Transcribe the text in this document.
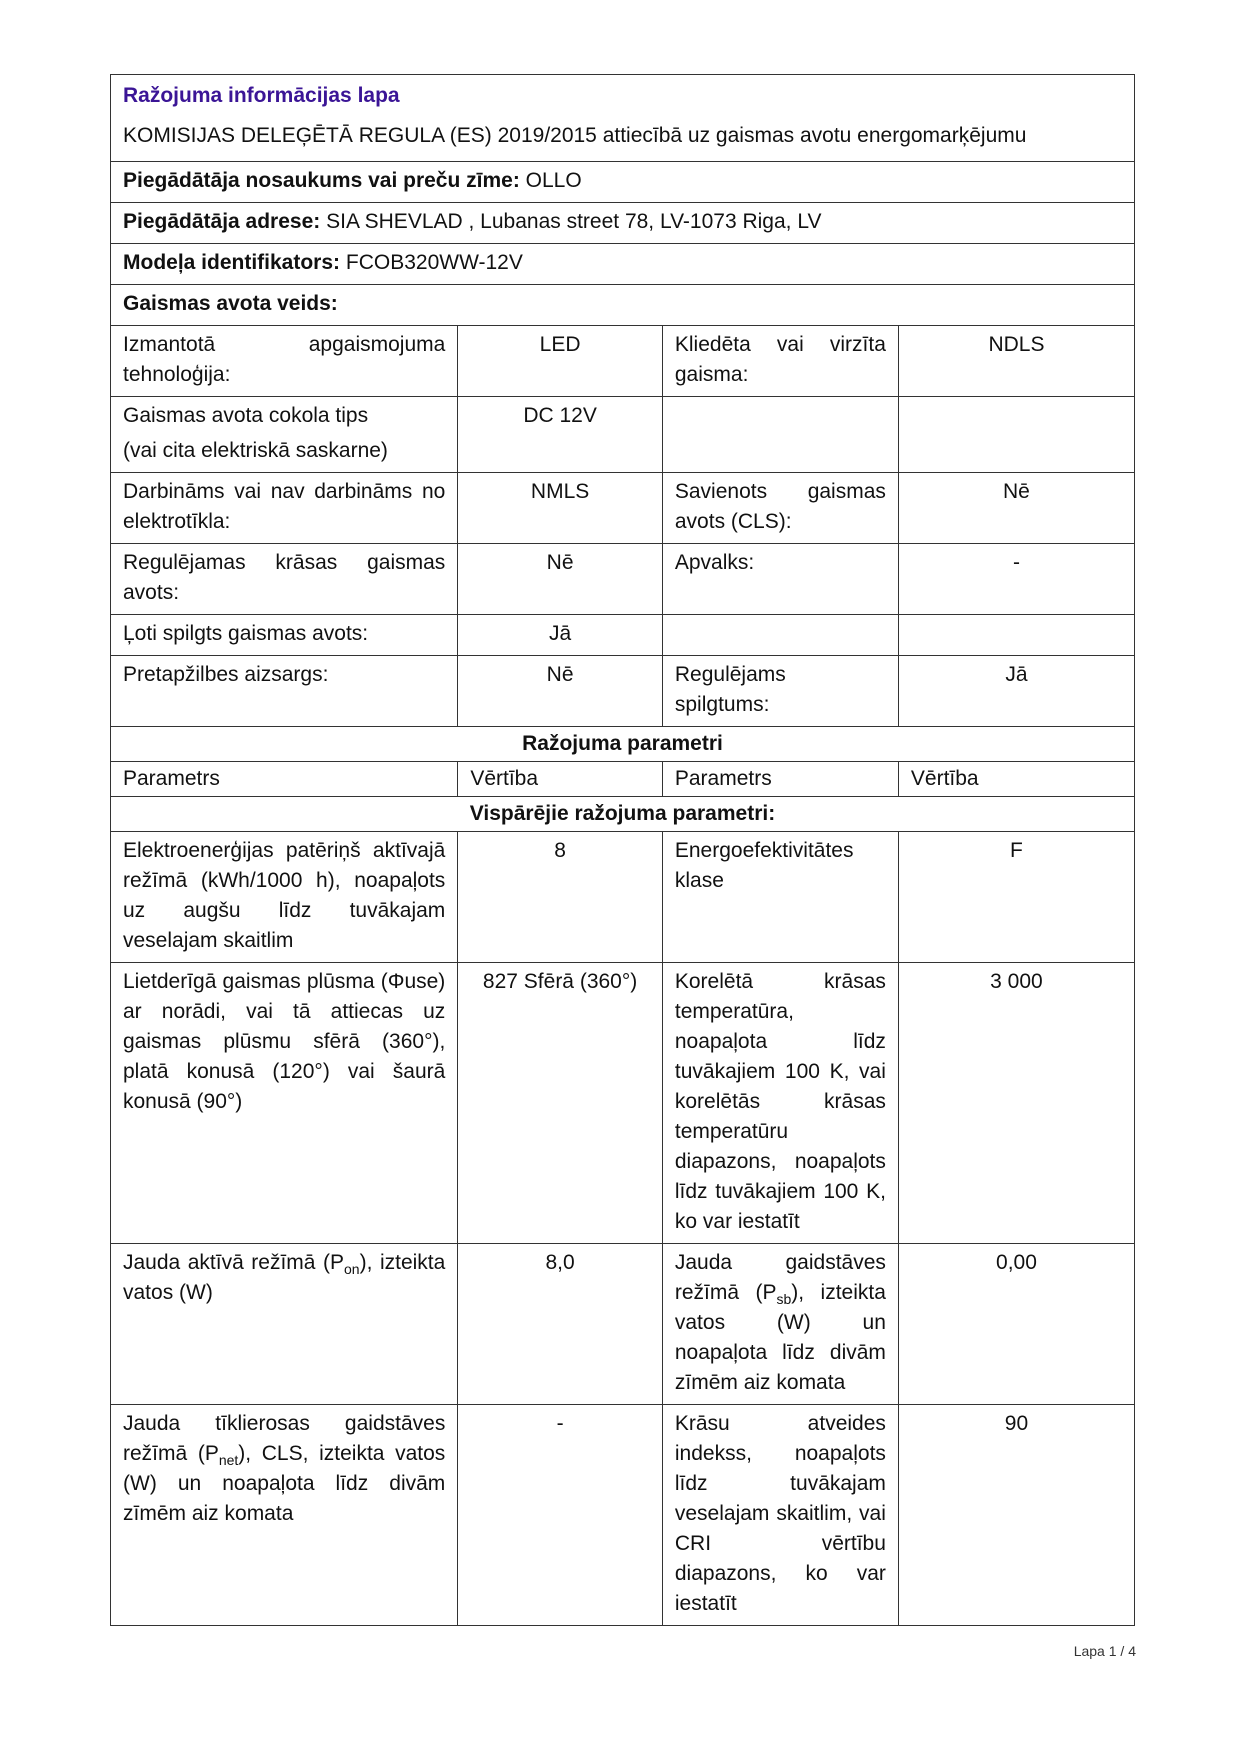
Ražojuma informācijas lapa			
KOMISIJAS DELEĢĒTĀ REGULA (ES) 2019/2015 attiecībā uz gaismas avotu energomarķējumu			
Piegādātāja nosaukums vai preču zīme: OLLO			
Piegādātāja adrese: SIA SHEVLAD , Lubanas street 78, LV-1073 Riga, LV			
Modeļa identifikators: FCOB320WW-12V			
Gaismas avota veids:			
Izmantotā apgaismojuma tehnoloģija:	LED	Kliedēta vai virzīta gaisma:	NDLS

Gaismas avota cokola tips
(vai cita elektriskā saskarne)	DC 12V		
Darbināms vai nav darbināms no elektrotīkla:	NMLS	Savienots gaismas avots (CLS):	Nē
Regulējamas krāsas gaismas avots:	Nē	Apvalks:	-
Ļoti spilgts gaismas avots:	Jā		
Pretapžilbes aizsargs:	Nē	Regulējams spilgtums:	Jā
Ražojuma parametri			
Parametrs	Vērtība	Parametrs	Vērtība
Vispārējie ražojuma parametri:			
Elektroenerģijas patēriņš aktīvajā režīmā (kWh/1000 h), noapaļots uz augšu līdz tuvākajam veselajam skaitlim	8	Energoefektivitātes klase	F
Lietderīgā gaismas plūsma (Φuse) ar norādi, vai tā attiecas uz gaismas plūsmu sfērā (360°), platā konusā (120°) vai šaurā konusā (90°)	827 Sfērā (360°)	Korelētā krāsas temperatūra, noapaļota līdz tuvākajiem 100 K, vai korelētās krāsas temperatūru diapazons, noapaļots līdz tuvākajiem 100 K, ko var iestatīt	3 000
Jauda aktīvā režīmā $(P_{on})$, izteikta vatos (W)	8,0	Jauda gaidstāves režīmā $(P_{sb})$, izteikta vatos (W) un noapaļota līdz divām zīmēm aiz komata	0,00
Jauda tīklierosas gaidstāves režīmā $(P_{net})$, CLS, izteikta vatos (W) un noapaļota līdz divām zīmēm aiz komata	-	Krāsu atveides indekss, noapaļots līdz tuvākajam veselajam skaitlim, vai CRI vērtību diapazons, ko var iestatīt	90
Lapa 1 / 4
